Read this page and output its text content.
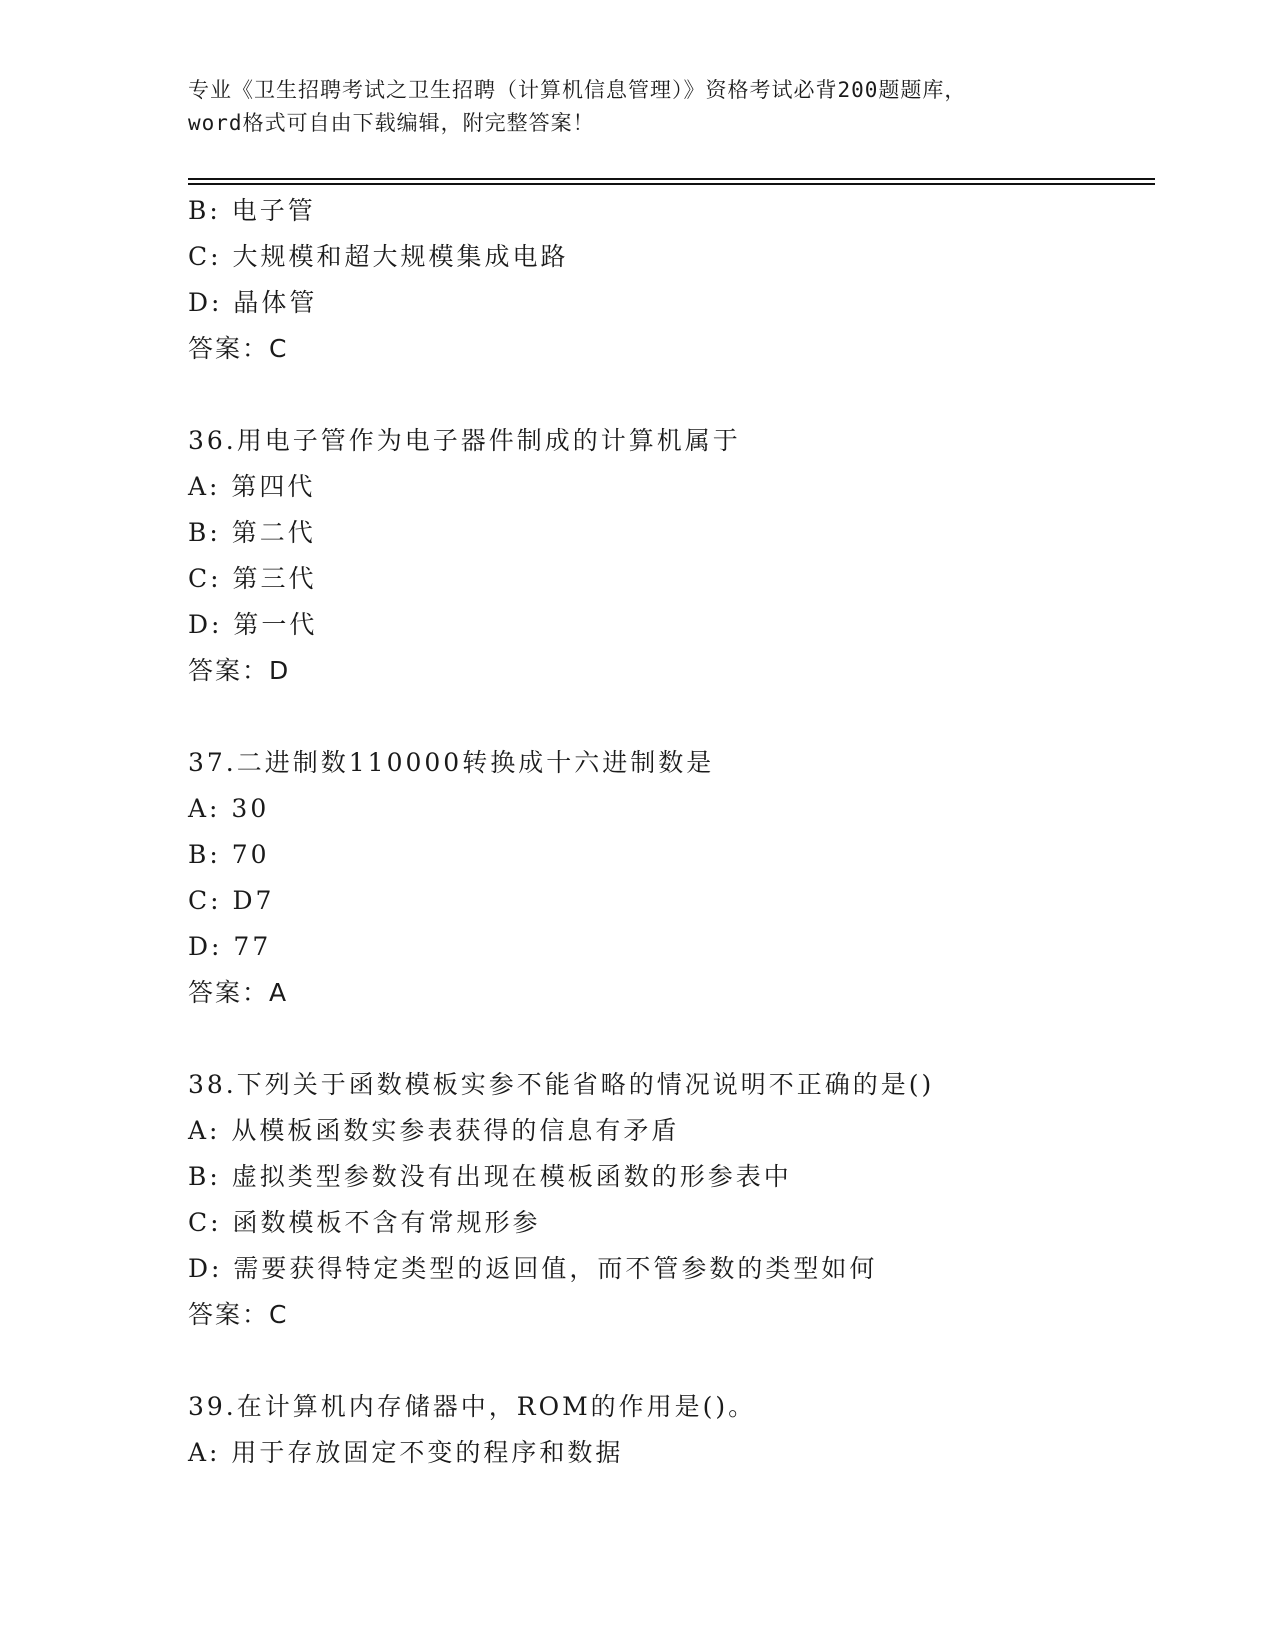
专业《卫生招聘考试之卫生招聘（计算机信息管理）》资格考试必背200题题库，
word格式可自由下载编辑，附完整答案！
B: 电子管
C: 大规模和超大规模集成电路
D: 晶体管
答案：C
36.用电子管作为电子器件制成的计算机属于
A: 第四代
B: 第二代
C: 第三代
D: 第一代
答案：D
37.二进制数110000转换成十六进制数是
A: 30
B: 70
C: D7
D: 77
答案：A
38.下列关于函数模板实参不能省略的情况说明不正确的是()
A: 从模板函数实参表获得的信息有矛盾
B: 虚拟类型参数没有出现在模板函数的形参表中
C: 函数模板不含有常规形参
D: 需要获得特定类型的返回值，而不管参数的类型如何
答案：C
39.在计算机内存储器中，ROM的作用是()。
A: 用于存放固定不变的程序和数据
